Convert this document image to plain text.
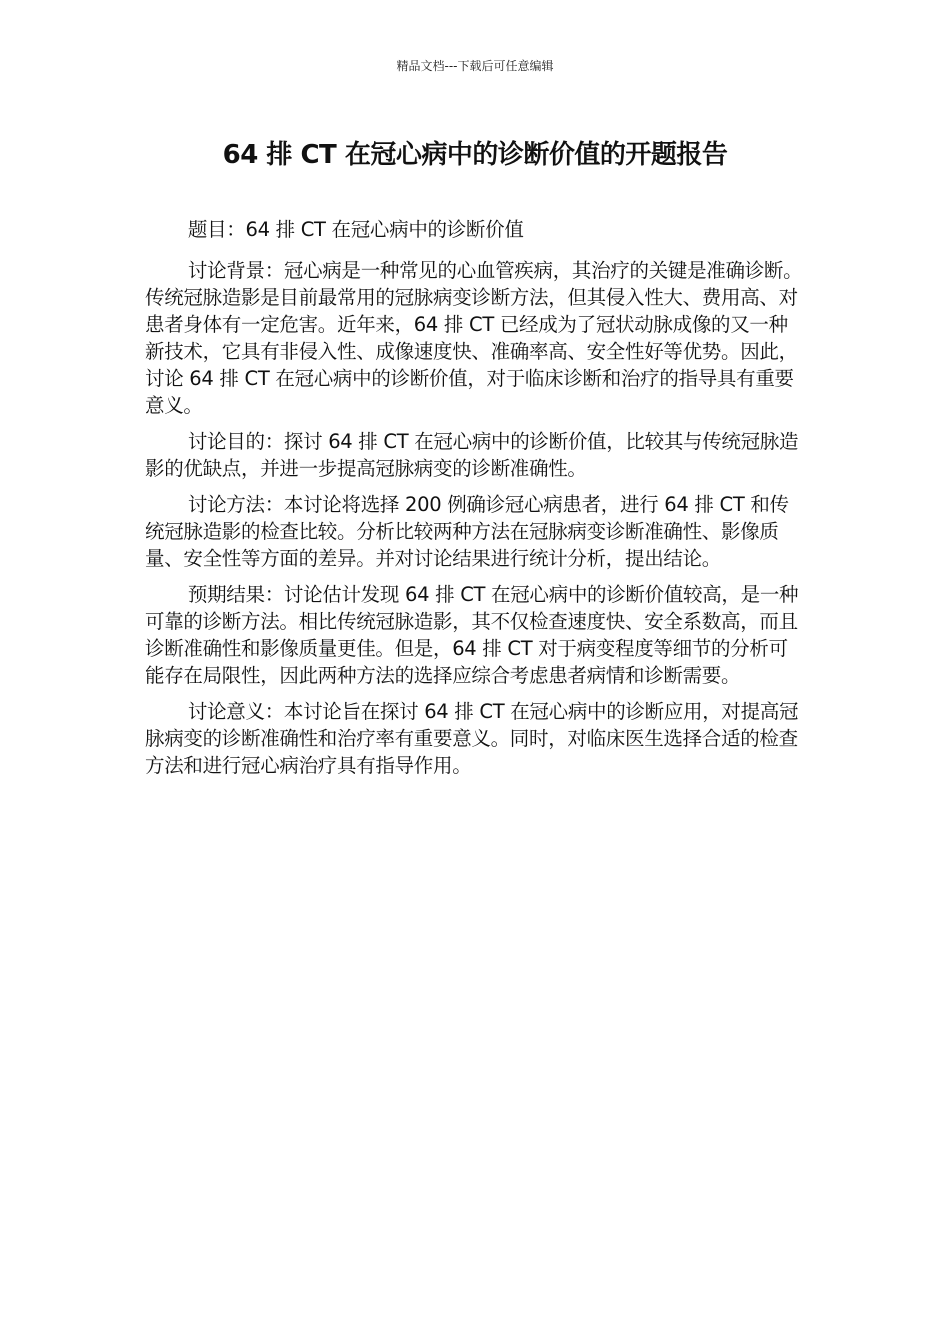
精品文档---下载后可任意编辑
64 排 CT 在冠心病中的诊断价值的开题报告

题目：64 排 CT 在冠心病中的诊断价值

讨论背景：冠心病是一种常见的心血管疾病，其治疗的关键是准确诊断。传统冠脉造影是目前最常用的冠脉病变诊断方法，但其侵入性大、费用高、对患者身体有一定危害。近年来，64 排 CT 已经成为了冠状动脉成像的又一种新技术，它具有非侵入性、成像速度快、准确率高、安全性好等优势。因此，讨论 64 排 CT 在冠心病中的诊断价值，对于临床诊断和治疗的指导具有重要意义。

讨论目的：探讨 64 排 CT 在冠心病中的诊断价值，比较其与传统冠脉造影的优缺点，并进一步提高冠脉病变的诊断准确性。

讨论方法：本讨论将选择 200 例确诊冠心病患者，进行 64 排 CT 和传统冠脉造影的检查比较。分析比较两种方法在冠脉病变诊断准确性、影像质量、安全性等方面的差异。并对讨论结果进行统计分析，提出结论。

预期结果：讨论估计发现 64 排 CT 在冠心病中的诊断价值较高，是一种可靠的诊断方法。相比传统冠脉造影，其不仅检查速度快、安全系数高，而且诊断准确性和影像质量更佳。但是，64 排 CT 对于病变程度等细节的分析可能存在局限性，因此两种方法的选择应综合考虑患者病情和诊断需要。

讨论意义：本讨论旨在探讨 64 排 CT 在冠心病中的诊断应用，对提高冠脉病变的诊断准确性和治疗率有重要意义。同时，对临床医生选择合适的检查方法和进行冠心病治疗具有指导作用。
